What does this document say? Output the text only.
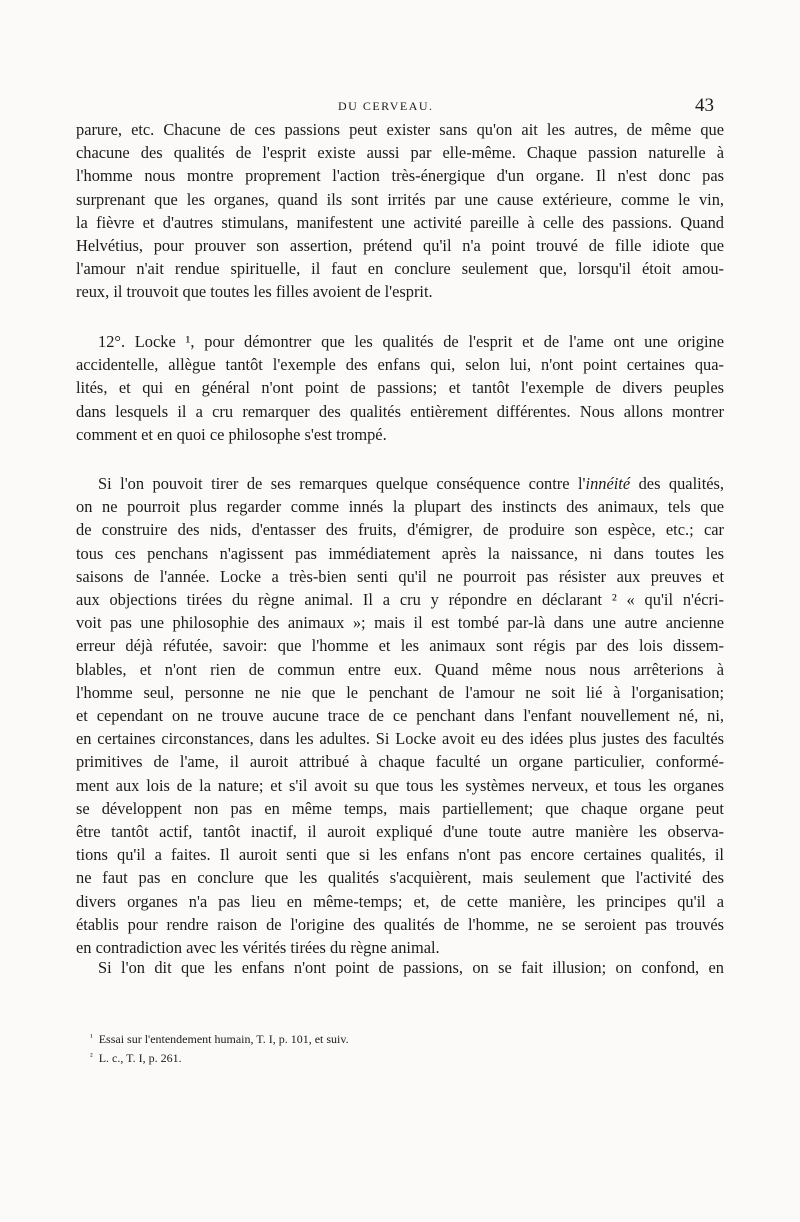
DU CERVEAU.	43
parure, etc. Chacune de ces passions peut exister sans qu'on ait les autres, de même que
chacune des qualités de l'esprit existe aussi par elle-même. Chaque passion naturelle à
l'homme nous montre proprement l'action très-énergique d'un organe. Il n'est donc pas
surprenant que les organes, quand ils sont irrités par une cause extérieure, comme le vin,
la fièvre et d'autres stimulans, manifestent une activité pareille à celle des passions. Quand
Helvétius, pour prouver son assertion, prétend qu'il n'a point trouvé de fille idiote que
l'amour n'ait rendue spirituelle, il faut en conclure seulement que, lorsqu'il étoit amou-
reux, il trouvoit que toutes les filles avoient de l'esprit.
12°. Locke ¹, pour démontrer que les qualités de l'esprit et de l'ame ont une origine
accidentelle, allègue tantôt l'exemple des enfans qui, selon lui, n'ont point certaines qua-
lités, et qui en général n'ont point de passions; et tantôt l'exemple de divers peuples
dans lesquels il a cru remarquer des qualités entièrement différentes. Nous allons montrer
comment et en quoi ce philosophe s'est trompé.
Si l'on pouvoit tirer de ses remarques quelque conséquence contre l'innéité des qualités,
on ne pourroit plus regarder comme innés la plupart des instincts des animaux, tels que
de construire des nids, d'entasser des fruits, d'émigrer, de produire son espèce, etc.; car
tous ces penchans n'agissent pas immédiatement après la naissance, ni dans toutes les
saisons de l'année. Locke a très-bien senti qu'il ne pourroit pas résister aux preuves et
aux objections tirées du règne animal. Il a cru y répondre en déclarant ² « qu'il n'écri-
voit pas une philosophie des animaux »; mais il est tombé par-là dans une autre ancienne
erreur déjà réfutée, savoir: que l'homme et les animaux sont régis par des lois dissem-
blables, et n'ont rien de commun entre eux. Quand même nous nous arrêterions à
l'homme seul, personne ne nie que le penchant de l'amour ne soit lié à l'organisation;
et cependant on ne trouve aucune trace de ce penchant dans l'enfant nouvellement né, ni,
en certaines circonstances, dans les adultes. Si Locke avoit eu des idées plus justes des facultés
primitives de l'ame, il auroit attribué à chaque faculté un organe particulier, conformé-
ment aux lois de la nature; et s'il avoit su que tous les systèmes nerveux, et tous les organes
se développent non pas en même temps, mais partiellement; que chaque organe peut
être tantôt actif, tantôt inactif, il auroit expliqué d'une toute autre manière les observa-
tions qu'il a faites. Il auroit senti que si les enfans n'ont pas encore certaines qualités, il
ne faut pas en conclure que les qualités s'acquièrent, mais seulement que l'activité des
divers organes n'a pas lieu en même-temps; et, de cette manière, les principes qu'il a
établis pour rendre raison de l'origine des qualités de l'homme, ne se seroient pas trouvés
en contradiction avec les vérités tirées du règne animal.
Si l'on dit que les enfans n'ont point de passions, on se fait illusion; on confond, en
$^{^1}$ Essai sur l'entendement humain, T. I, p. 101, et suiv.
$^{^2}$ L. c., T. I, p. 261.
